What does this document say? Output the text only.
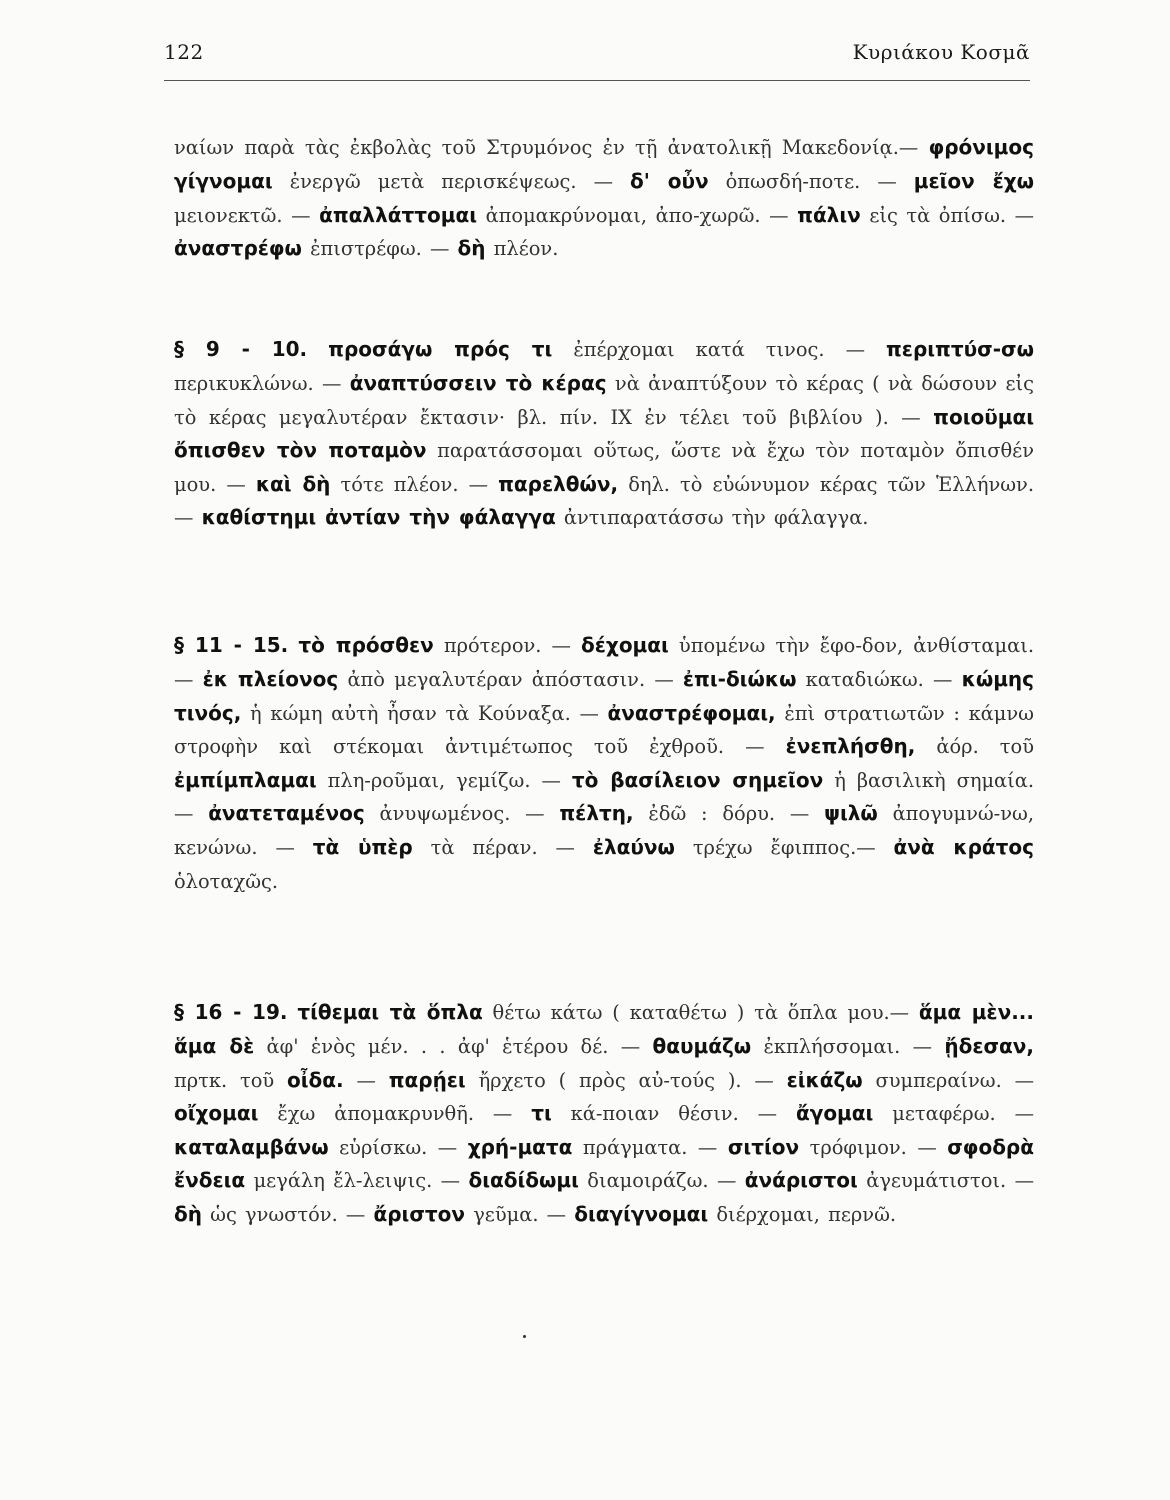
122	Κυριάκου Κοσμᾶ

ναίων παρὰ τὰς ἐκβολὰς τοῦ Στρυμόνος ἐν τῇ ἀνατολικῇ Μακεδονίᾳ.— φρόνιμος γίγνομαι ἐνεργῶ μετὰ περισκέψεως. — δ' οὖν ὁπωσδή-ποτε. — μεῖον ἔχω μειονεκτῶ. — ἀπαλλάττομαι ἀπομακρύνομαι, ἀπο-χωρῶ. — πάλιν εἰς τὰ ὀπίσω. — ἀναστρέφω ἐπιστρέφω. — δὴ πλέον.

§ 9 - 10. προσάγω πρός τι ἐπέρχομαι κατά τινος. — περιπτύσ-σω περικυκλώνω. — ἀναπτύσσειν τὸ κέρας νὰ ἀναπτύξουν τὸ κέρας ( νὰ δώσουν εἰς τὸ κέρας μεγαλυτέραν ἔκτασιν· βλ. πίν. IX ἐν τέλει τοῦ βιβλίου ). — ποιοῦμαι ὄπισθεν τὸν ποταμὸν παρατάσσομαι οὕτως, ὥστε νὰ ἔχω τὸν ποταμὸν ὄπισθέν μου. — καὶ δὴ τότε πλέον. — παρελθών, δηλ. τὸ εὐώνυμον κέρας τῶν Ἑλλήνων. — καθίστημι ἀντίαν τὴν φάλαγγα ἀντιπαρατάσσω τὴν φάλαγγα.

§ 11 - 15. τὸ πρόσθεν πρότερον. — δέχομαι ὑπομένω τὴν ἔφο-δον, ἀνθίσταμαι. — ἐκ πλείονος ἀπὸ μεγαλυτέραν ἀπόστασιν. — ἐπι-διώκω καταδιώκω. — κώμης τινός, ἡ κώμη αὐτὴ ἦσαν τὰ Κούναξα. — ἀναστρέφομαι, ἐπὶ στρατιωτῶν : κάμνω στροφὴν καὶ στέκομαι ἀντιμέτωπος τοῦ ἐχθροῦ. — ἐνεπλήσθη, ἀόρ. τοῦ ἐμπίμπλαμαι πλη-ροῦμαι, γεμίζω. — τὸ βασίλειον σημεῖον ἡ βασιλικὴ σημαία. — ἀνατεταμένος ἀνυψωμένος. — πέλτη, ἐδῶ : δόρυ. — ψιλῶ ἀπογυμνώ-νω, κενώνω. — τὰ ὑπὲρ τὰ πέραν. — ἐλαύνω τρέχω ἔφιππος.— ἀνὰ κράτος ὁλοταχῶς.

§ 16 - 19. τίθεμαι τὰ ὅπλα θέτω κάτω ( καταθέτω ) τὰ ὅπλα μου.— ἅμα μὲν... ἅμα δὲ ἀφ' ἑνὸς μέν. . . ἀφ' ἑτέρου δέ. — θαυμάζω ἐκπλήσσομαι. — ᾔδεσαν, πρτκ. τοῦ οἶδα. — παρῄει ἤρχετο ( πρὸς αὐ-τούς ). — εἰκάζω συμπεραίνω. — οἴχομαι ἔχω ἀπομακρυνθῆ. — τι κά-ποιαν θέσιν. — ἄγομαι μεταφέρω. — καταλαμβάνω εὑρίσκω. — χρή-ματα πράγματα. — σιτίον τρόφιμον. — σφοδρὰ ἔνδεια μεγάλη ἔλ-λειψις. — διαδίδωμι διαμοιράζω. — ἀνάριστοι ἀγευμάτιστοι. — δὴ ὡς γνωστόν. — ἄριστον γεῦμα. — διαγίγνομαι διέρχομαι, περνῶ.
